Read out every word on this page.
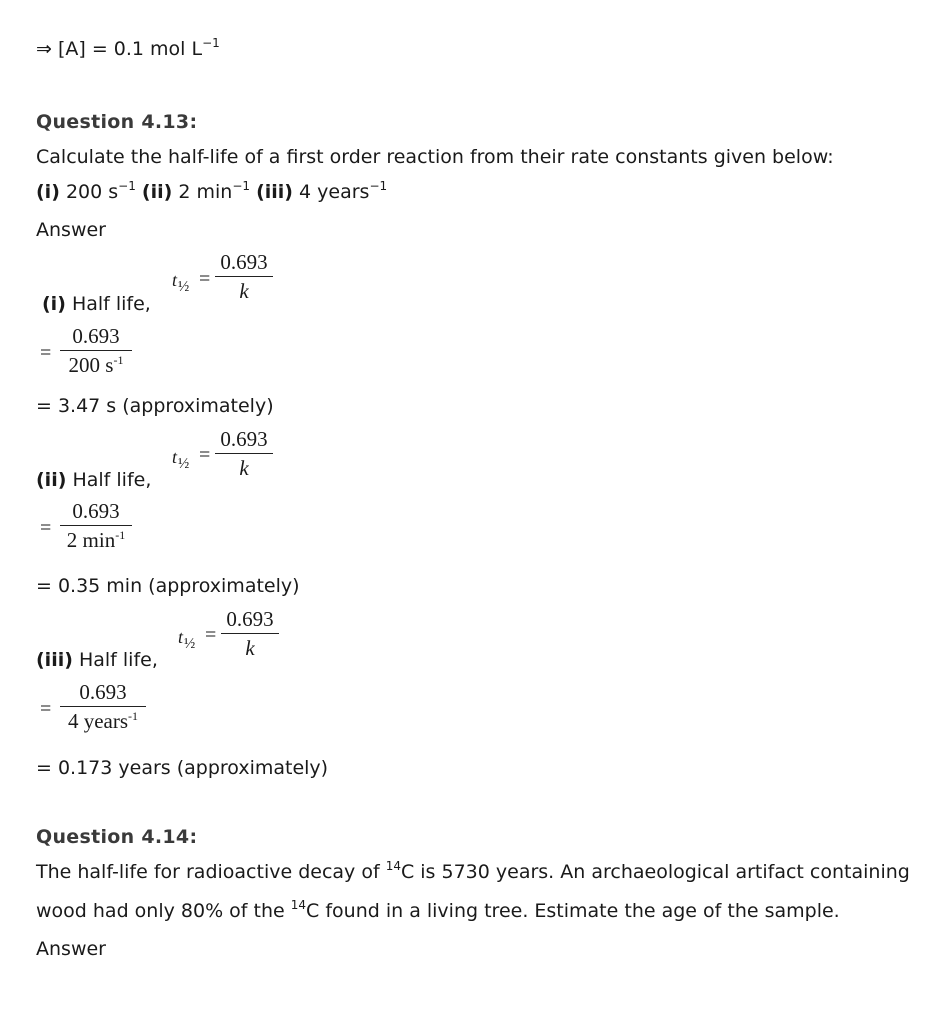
⇒ [A] = 0.1 mol $L^{-1}$
Question 4.13:
Calculate the half-life of a first order reaction from their rate constants given below:
(i) 200 $s^{-1}$ (ii) 2 $\min^{-1} (iii)$ 4 years$^{-1}$
Answer
$t_{\frac{1}{2}}$ =
0.693
k
(i) Half life,
=
0.693
200 $s^{-1}$
= 3.47 s (approximately)
$t_{\frac{1}{2}}$ =
0.693
k
(ii) Half life,
=
0.693
2 $\min^{-1}$
= 0.35 min (approximately)
$t_{\frac{1}{2}}$ =
0.693
k
(iii) Half life,
=
0.693
4 years$^{-1}$
= 0.173 years (approximately)
Question 4.14:
The half-life for radioactive decay of $^{14}$C is 5730 years. An archaeological artifact containing
wood had only 80% of the $^{14}$C found in a living tree. Estimate the age of the sample.
Answer
